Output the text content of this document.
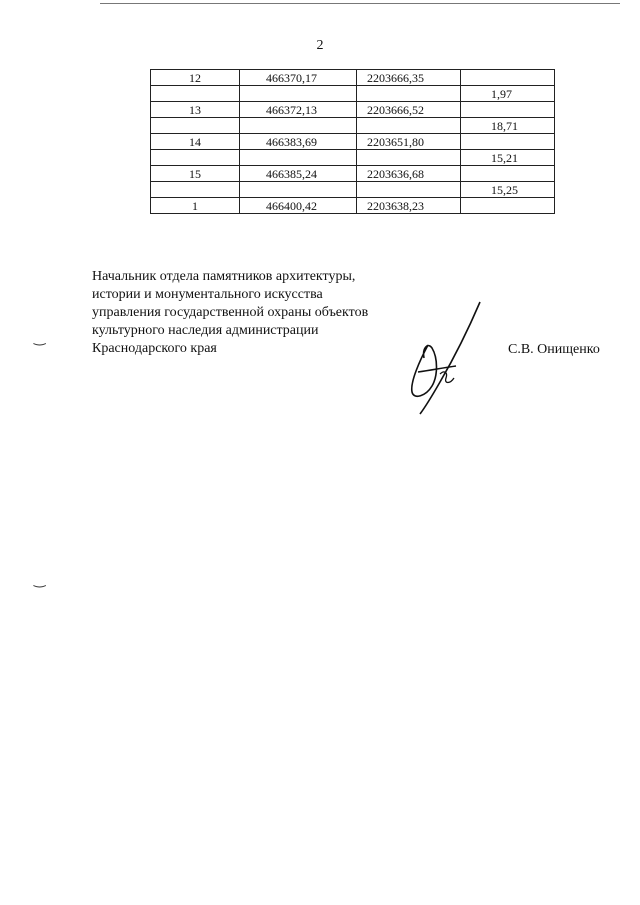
2
12	466370,17	2203666,35	
			1,97
13	466372,13	2203666,52	
			18,71
14	466383,69	2203651,80	
			15,21
15	466385,24	2203636,68	
			15,25
1	466400,42	2203638,23	
Начальник отдела памятников архитектуры,
истории и монументального искусства
управления государственной охраны объектов
культурного наследия администрации
Краснодарского края	С.В. Онищенко
‿
‿
